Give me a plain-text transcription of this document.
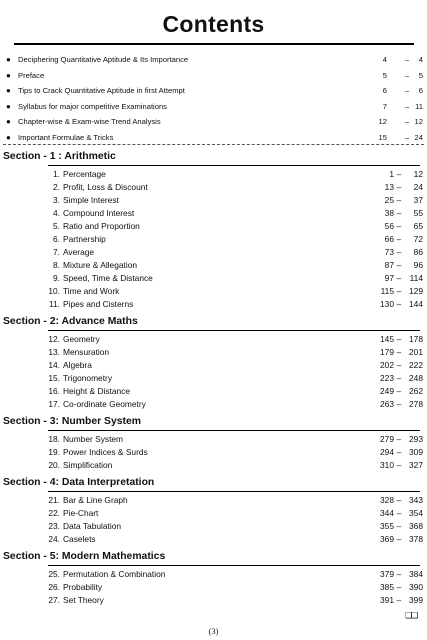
Contents
● Deciphering Quantitative Aptitude & Its Importance	4 –	4
● Preface	5 –	5
● Tips to Crack Quantitative Aptitude in first Attempt	6 –	6
● Syllabus for major competitive Examinations	7 – 11
● Chapter-wise & Exam-wise Trend Analysis	12 – 12
● Important Formulae & Tricks	15 – 24
Section - 1 : Arithmetic
1. Percentage	1 –	12
2. Profit, Loss & Discount	13 –	24
3. Simple Interest	25 –	37
4. Compound Interest	38 –	55
5. Ratio and Proportion	56 –	65
6. Partnership	66 –	72
7. Average	73 –	86
8. Mixture & Allegation	87 –	96
9. Speed, Time & Distance	97 – 114
10. Time and Work	115 – 129
11. Pipes and Cisterns	130 – 144
Section - 2: Advance Maths
12. Geometry	145 – 178
13. Mensuration	179 – 201
14. Algebra	202 – 222
15. Trigonometry	223 – 248
16. Height & Distance	249 – 262
17. Co-ordinate Geometry	263 – 278
Section - 3: Number System
18. Number System	279 – 293
19. Power Indices & Surds	294 – 309
20. Simplification	310 – 327
Section - 4: Data Interpretation
21. Bar & Line Graph	328 – 343
22. Pie-Chart	344 – 354
23. Data Tabulation	355 – 368
24. Caselets	369 – 378
Section - 5: Modern Mathematics
25. Permutation & Combination	379 – 384
26. Probability	385 – 390
27. Set Theory	391 – 399
❑❑
(3)
